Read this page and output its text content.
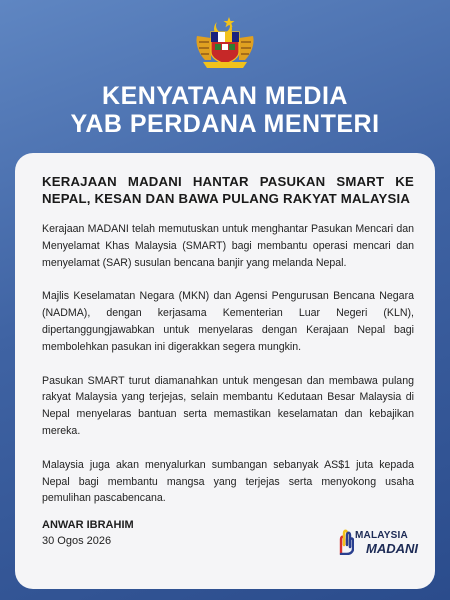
KENYATAAN MEDIA
YAB PERDANA MENTERI
KERAJAAN MADANI HANTAR PASUKAN SMART KE NEPAL, KESAN DAN BAWA PULANG RAKYAT MALAYSIA

Kerajaan MADANI telah memutuskan untuk menghantar Pasukan Mencari dan Menyelamat Khas Malaysia (SMART) bagi membantu operasi mencari dan menyelamat (SAR) susulan bencana banjir yang melanda Nepal.

Majlis Keselamatan Negara (MKN) dan Agensi Pengurusan Bencana Negara (NADMA), dengan kerjasama Kementerian Luar Negeri (KLN), dipertanggungjawabkan untuk menyelaras dengan Kerajaan Nepal bagi membolehkan pasukan ini digerakkan segera mungkin.

Pasukan SMART turut diamanahkan untuk mengesan dan membawa pulang rakyat Malaysia yang terjejas, selain membantu Kedutaan Besar Malaysia di Nepal menyelaras bantuan serta memastikan keselamatan dan kebajikan mereka.

Malaysia juga akan menyalurkan sumbangan sebanyak AS$1 juta kepada Nepal bagi membantu mangsa yang terjejas serta menyokong usaha pemulihan pascabencana.

ANWAR IBRAHIM
30 Ogos 2026	MALAYSIA
MADANI
